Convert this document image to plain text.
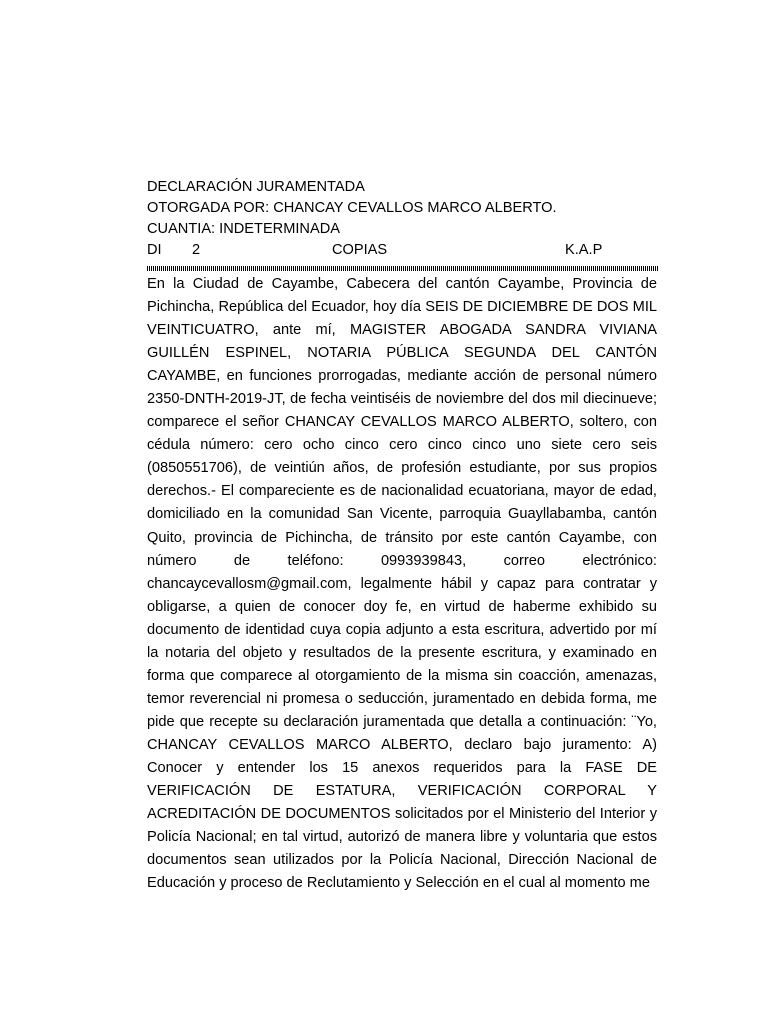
DECLARACIÓN JURAMENTADA
OTORGADA POR: CHANCAY CEVALLOS MARCO ALBERTO.
CUANTIA: INDETERMINADA
DI 2	COPIAS	K.A.P

En la Ciudad de Cayambe, Cabecera del cantón Cayambe, Provincia de Pichincha, República del Ecuador, hoy día SEIS DE DICIEMBRE DE DOS MIL VEINTICUATRO, ante mí, MAGISTER ABOGADA SANDRA VIVIANA GUILLÉN ESPINEL, NOTARIA PÚBLICA SEGUNDA DEL CANTÓN CAYAMBE, en funciones prorrogadas, mediante acción de personal número 2350-DNTH-2019-JT, de fecha veintiséis de noviembre del dos mil diecinueve; comparece el señor CHANCAY CEVALLOS MARCO ALBERTO, soltero, con cédula número: cero ocho cinco cero cinco cinco uno siete cero seis (0850551706), de veintiún años, de profesión estudiante, por sus propios derechos.- El compareciente es de nacionalidad ecuatoriana, mayor de edad, domiciliado en la comunidad San Vicente, parroquia Guayllabamba, cantón Quito, provincia de Pichincha, de tránsito por este cantón Cayambe, con número de teléfono: 0993939843, correo electrónico: chancaycevallosm@gmail.com, legalmente hábil y capaz para contratar y obligarse, a quien de conocer doy fe, en virtud de haberme exhibido su documento de identidad cuya copia adjunto a esta escritura, advertido por mí la notaria del objeto y resultados de la presente escritura, y examinado en forma que comparece al otorgamiento de la misma sin coacción, amenazas, temor reverencial ni promesa o seducción, juramentado en debida forma, me pide que recepte su declaración juramentada que detalla a continuación: ¨Yo, CHANCAY CEVALLOS MARCO ALBERTO, declaro bajo juramento: A) Conocer y entender los 15 anexos requeridos para la FASE DE VERIFICACIÓN DE ESTATURA, VERIFICACIÓN CORPORAL Y ACREDITACIÓN DE DOCUMENTOS solicitados por el Ministerio del Interior y Policía Nacional; en tal virtud, autorizó de manera libre y voluntaria que estos documentos sean utilizados por la Policía Nacional, Dirección Nacional de Educación y proceso de Reclutamiento y Selección en el cual al momento me
